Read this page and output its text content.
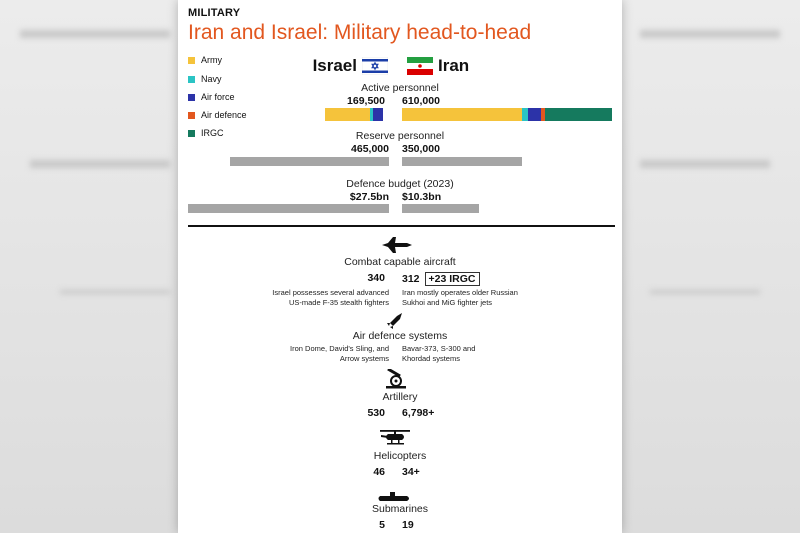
MILITARY
Iran and Israel: Military head-to-head
Army
Navy
Air force
Air defence
IRGC
Israel	Iran
Active personnel
169,500 610,000
Reserve personnel
465,000 350,000
Defence budget (2023)
$27.5bn $10.3bn
Combat capable aircraft
340 312 +23 IRGC
Israel possesses several advanced
US-made F-35 stealth fighters
Iran mostly operates older Russian
Sukhoi and MiG fighter jets
Air defence systems
Iron Dome, David's Sling, and
Arrow systems
Bavar-373, S-300 and
Khordad systems
Artillery
530 6,798+
Helicopters
46 34+
Submarines
5 19
